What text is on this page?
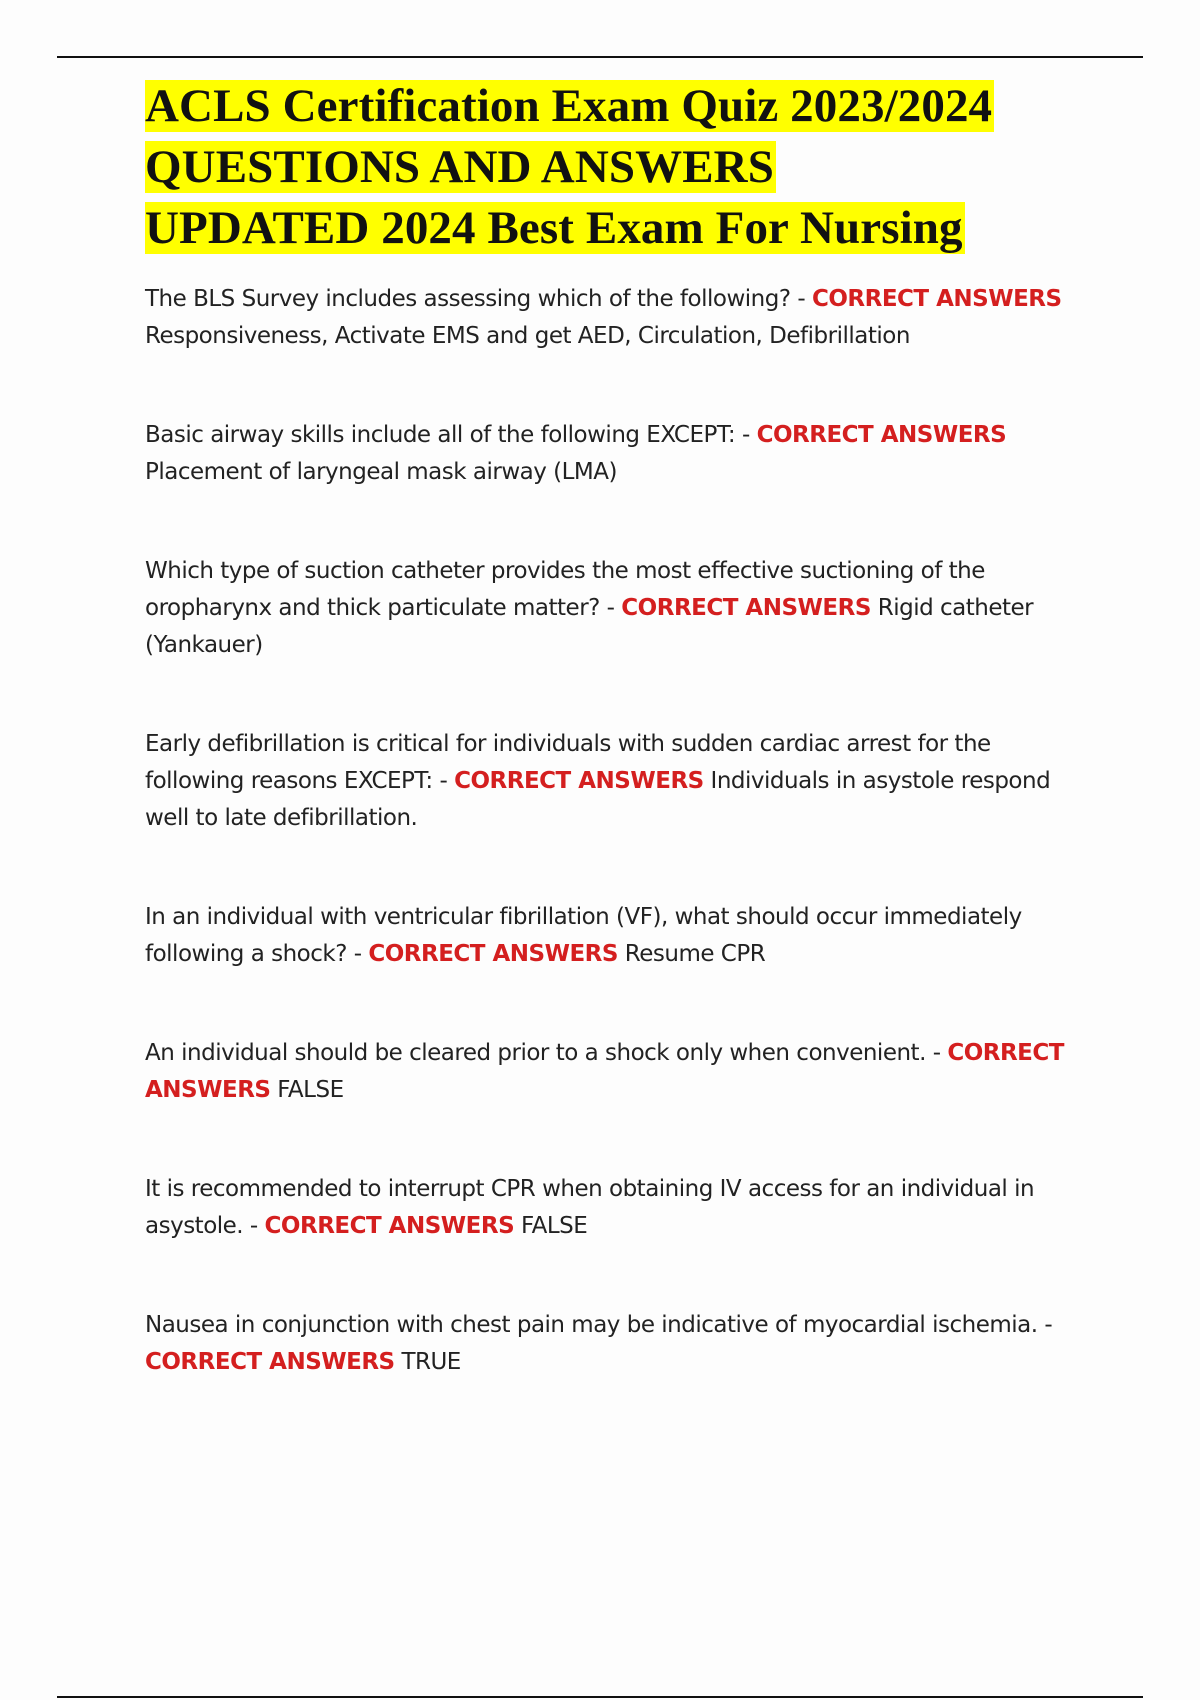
ACLS Certification Exam Quiz 2023/2024
QUESTIONS AND ANSWERS
UPDATED 2024 Best Exam For Nursing

The BLS Survey includes assessing which of the following? - CORRECT ANSWERS Responsiveness, Activate EMS and get AED, Circulation, Defibrillation

Basic airway skills include all of the following EXCEPT: - CORRECT ANSWERS Placement of laryngeal mask airway (LMA)

Which type of suction catheter provides the most effective suctioning of the oropharynx and thick particulate matter? - CORRECT ANSWERS Rigid catheter (Yankauer)

Early defibrillation is critical for individuals with sudden cardiac arrest for the following reasons EXCEPT: - CORRECT ANSWERS Individuals in asystole respond well to late defibrillation.

In an individual with ventricular fibrillation (VF), what should occur immediately following a shock? - CORRECT ANSWERS Resume CPR

An individual should be cleared prior to a shock only when convenient. - CORRECT ANSWERS FALSE

It is recommended to interrupt CPR when obtaining IV access for an individual in asystole. - CORRECT ANSWERS FALSE

Nausea in conjunction with chest pain may be indicative of myocardial ischemia. - CORRECT ANSWERS TRUE
